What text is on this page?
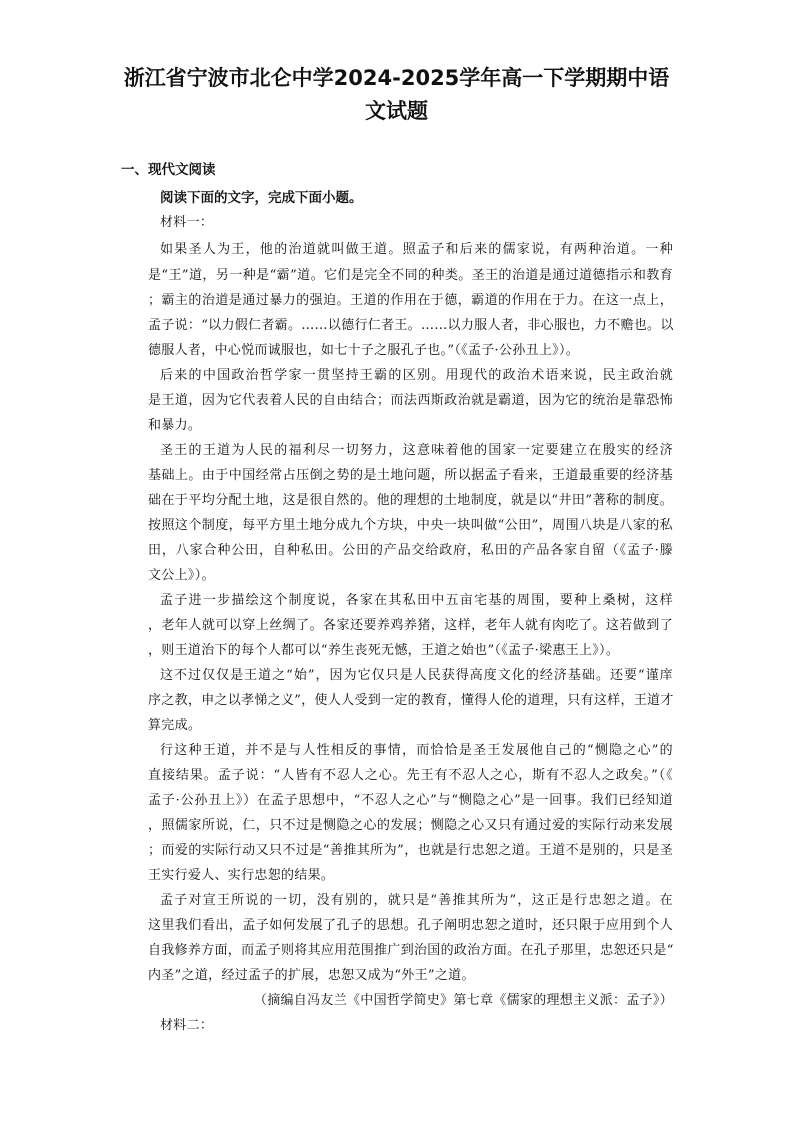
浙江省宁波市北仑中学2024-2025学年高一下学期期中语
文试题
一、现代文阅读
阅读下面的文字，完成下面小题。
材料一：
如果圣人为王，他的治道就叫做王道。照孟子和后来的儒家说，有两种治道。一种
是“王”道，另一种是“霸”道。它们是完全不同的种类。圣王的治道是通过道德指示和教育
；霸主的治道是通过暴力的强迫。王道的作用在于德，霸道的作用在于力。在这一点上，
孟子说：“以力假仁者霸。……以德行仁者王。……以力服人者，非心服也，力不赡也。以
德服人者，中心悦而诚服也，如七十子之服孔子也。”（《孟子·公孙丑上》）。
后来的中国政治哲学家一贯坚持王霸的区别。用现代的政治术语来说，民主政治就
是王道，因为它代表着人民的自由结合；而法西斯政治就是霸道，因为它的统治是靠恐怖
和暴力。
圣王的王道为人民的福利尽一切努力，这意味着他的国家一定要建立在殷实的经济
基础上。由于中国经常占压倒之势的是土地问题，所以据孟子看来，王道最重要的经济基
础在于平均分配土地，这是很自然的。他的理想的土地制度，就是以“井田”著称的制度。
按照这个制度，每平方里土地分成九个方块，中央一块叫做“公田”，周围八块是八家的私
田，八家合种公田，自种私田。公田的产品交给政府，私田的产品各家自留（《孟子·滕
文公上》）。
孟子进一步描绘这个制度说，各家在其私田中五亩宅基的周围，要种上桑树，这样
，老年人就可以穿上丝绸了。各家还要养鸡养猪，这样，老年人就有肉吃了。这若做到了
，则王道治下的每个人都可以“养生丧死无憾，王道之始也”（《孟子·梁惠王上》）。
这不过仅仅是王道之“始”，因为它仅只是人民获得高度文化的经济基础。还要“谨庠
序之教，申之以孝悌之义”，使人人受到一定的教育，懂得人伦的道理，只有这样，王道才
算完成。
行这种王道，并不是与人性相反的事情，而恰恰是圣王发展他自己的“恻隐之心”的
直接结果。孟子说：“人皆有不忍人之心。先王有不忍人之心，斯有不忍人之政矣。”（《
孟子·公孙丑上》）在孟子思想中，“不忍人之心”与“恻隐之心”是一回事。我们已经知道
，照儒家所说，仁，只不过是恻隐之心的发展；恻隐之心又只有通过爱的实际行动来发展
；而爱的实际行动又只不过是“善推其所为”，也就是行忠恕之道。王道不是别的，只是圣
王实行爱人、实行忠恕的结果。
孟子对宣王所说的一切，没有别的，就只是“善推其所为”，这正是行忠恕之道。在
这里我们看出，孟子如何发展了孔子的思想。孔子阐明忠恕之道时，还只限于应用到个人
自我修养方面，而孟子则将其应用范围推广到治国的政治方面。在孔子那里，忠恕还只是“
内圣”之道，经过孟子的扩展，忠恕又成为“外王”之道。
（摘编自冯友兰《中国哲学简史》第七章《儒家的理想主义派：孟子》）
材料二：
